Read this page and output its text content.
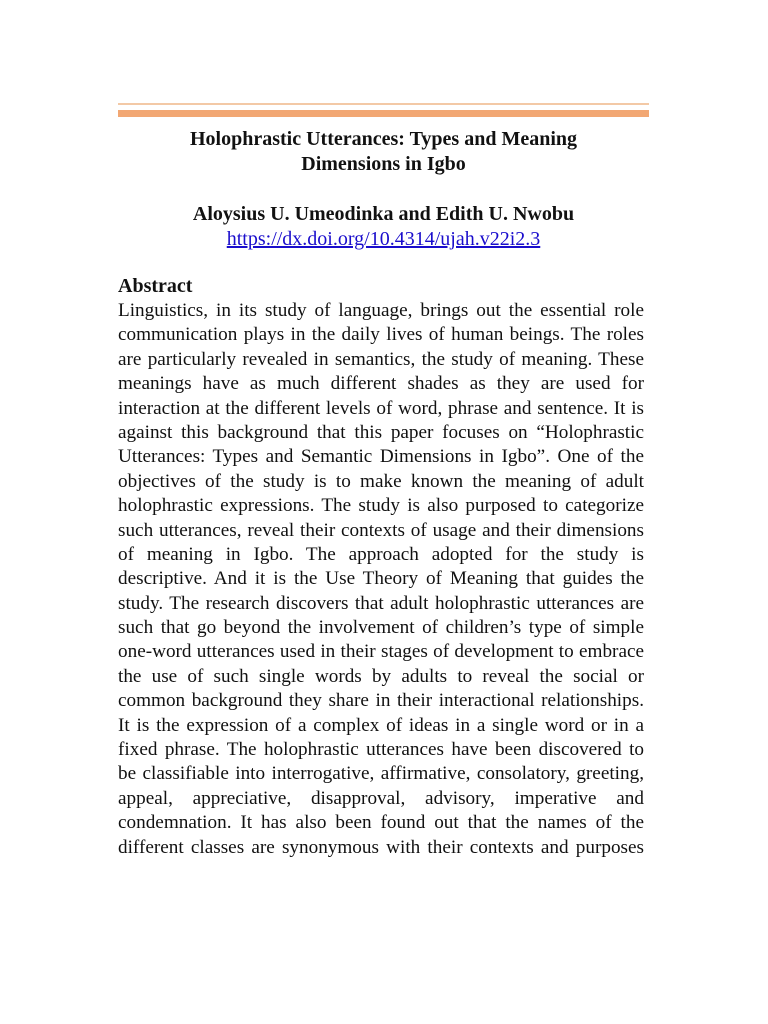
Holophrastic Utterances: Types and Meaning
Dimensions in Igbo
Aloysius U. Umeodinka and Edith U. Nwobu
https://dx.doi.org/10.4314/ujah.v22i2.3
Abstract
Linguistics, in its study of language, brings out the essential role
communication plays in the daily lives of human beings. The roles
are particularly revealed in semantics, the study of meaning. These
meanings have as much different shades as they are used for
interaction at the different levels of word, phrase and sentence. It is
against this background that this paper focuses on “Holophrastic
Utterances: Types and Semantic Dimensions in Igbo”. One of the
objectives of the study is to make known the meaning of adult
holophrastic expressions. The study is also purposed to categorize
such utterances, reveal their contexts of usage and their dimensions
of meaning in Igbo. The approach adopted for the study is
descriptive. And it is the Use Theory of Meaning that guides the
study. The research discovers that adult holophrastic utterances are
such that go beyond the involvement of children’s type of simple
one-word utterances used in their stages of development to embrace
the use of such single words by adults to reveal the social or
common background they share in their interactional relationships.
It is the expression of a complex of ideas in a single word or in a
fixed phrase. The holophrastic utterances have been discovered to
be classifiable into interrogative, affirmative, consolatory, greeting,
appeal, appreciative, disapproval, advisory, imperative and
condemnation. It has also been found out that the names of the
different classes are synonymous with their contexts and purposes
